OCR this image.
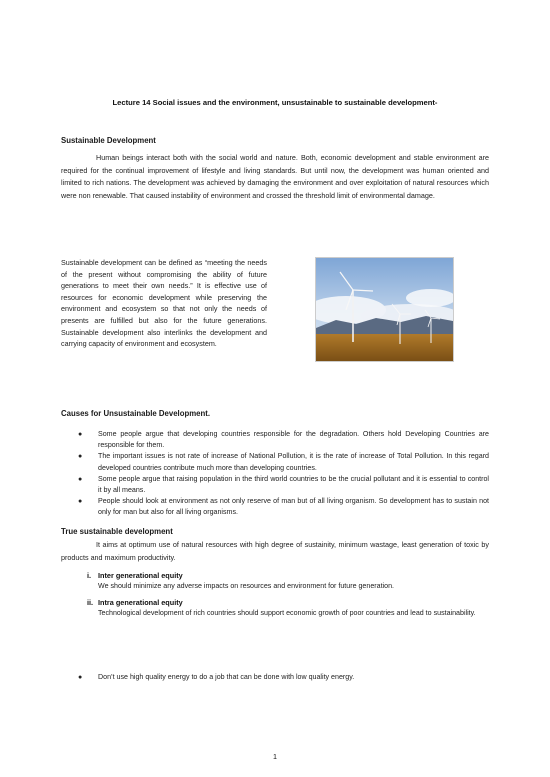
Lecture 14 Social issues and the environment, unsustainable to sustainable development-
Sustainable Development
Human beings interact both with the social world and nature. Both, economic development and stable environment are required for the continual improvement of lifestyle and living standards. But until now, the development was human oriented and limited to rich nations. The development was achieved by damaging the environment and over exploitation of natural resources which were non renewable. That caused instability of environment and crossed the threshold limit of environmental damage.
Sustainable development can be defined as “meeting the needs of the present without compromising the ability of future generations to meet their own needs.” It is effective use of resources for economic development while preserving the environment and ecosystem so that not only the needs of presents are fulfilled but also for the future generations. Sustainable development also interlinks the development and carrying capacity of environment and ecosystem.
Causes for Unsustainable Development.
● Some people argue that developing countries responsible for the degradation. Others hold Developing Countries are responsible for them.
● The important issues is not rate of increase of National Pollution, it is the rate of increase of Total Pollution. In this regard developed countries contribute much more than developing countries.
● Some people argue that raising population in the third world countries to be the crucial pollutant and it is essential to control it by all means.
● People should look at environment as not only reserve of man but of all living organism. So development has to sustain not only for man but also for all living organisms.
True sustainable development
It aims at optimum use of natural resources with high degree of sustainity, minimum wastage, least generation of toxic by products and maximum productivity.
i. Inter generational equity
We should minimize any adverse impacts on resources and environment for future generation.
ii. Intra generational equity
Technological development of rich countries should support economic growth of poor countries and lead to sustainability.
● Don’t use high quality energy to do a job that can be done with low quality energy.
1
